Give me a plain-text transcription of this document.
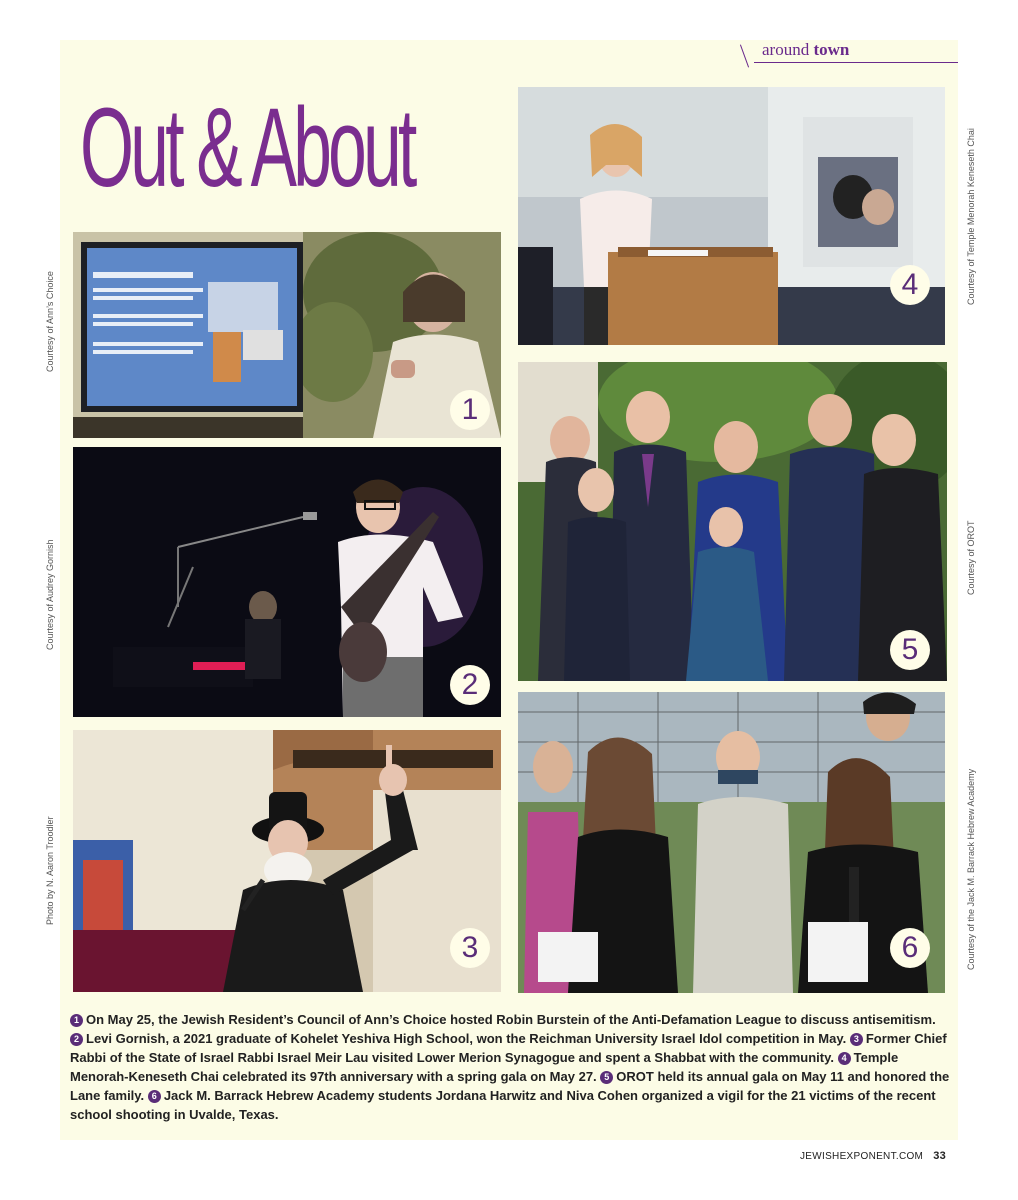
around town
Out & About
1
Courtesy of Ann’s Choice
2
Courtesy of Audrey Gornish
3
Photo by N. Aaron Troodler
4	Courtesy of Temple Menorah Keneseth Chai
5
Courtesy of OROT
6	Courtesy of the Jack M. Barrack Hebrew Academy
1 On May 25, the Jewish Resident’s Council of Ann’s Choice hosted Robin Burstein of the Anti-Defamation League to discuss antisemitism. 2 Levi Gornish, a 2021 graduate of Kohelet Yeshiva High School, won the Reichman University Israel Idol competition in May. 3 Former Chief Rabbi of the State of Israel Rabbi Israel Meir Lau visited Lower Merion Synagogue and spent a Shabbat with the community. 4 Temple Menorah-Keneseth Chai celebrated its 97th anniversary with a spring gala on May 27. 5 OROT held its annual gala on May 11 and honored the Lane family. 6 Jack M. Barrack Hebrew Academy students Jordana Harwitz and Niva Cohen organized a vigil for the 21 victims of the recent school shooting in Uvalde, Texas.
JEWISHEXPONENT.COM 33
